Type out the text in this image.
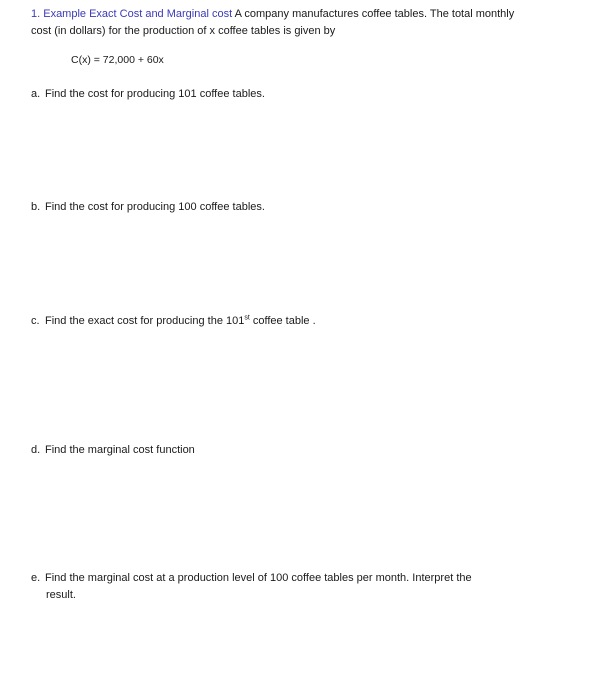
1. Example Exact Cost and Marginal cost A company manufactures coffee tables. The total monthly
cost (in dollars) for the production of x coffee tables is given by
C(x) = 72,000 + 60x
a. Find the cost for producing 101 coffee tables.
b. Find the cost for producing 100 coffee tables.
c. Find the exact cost for producing the 101st coffee table .
d. Find the marginal cost function
e. Find the marginal cost at a production level of 100 coffee tables per month. Interpret the
result.
